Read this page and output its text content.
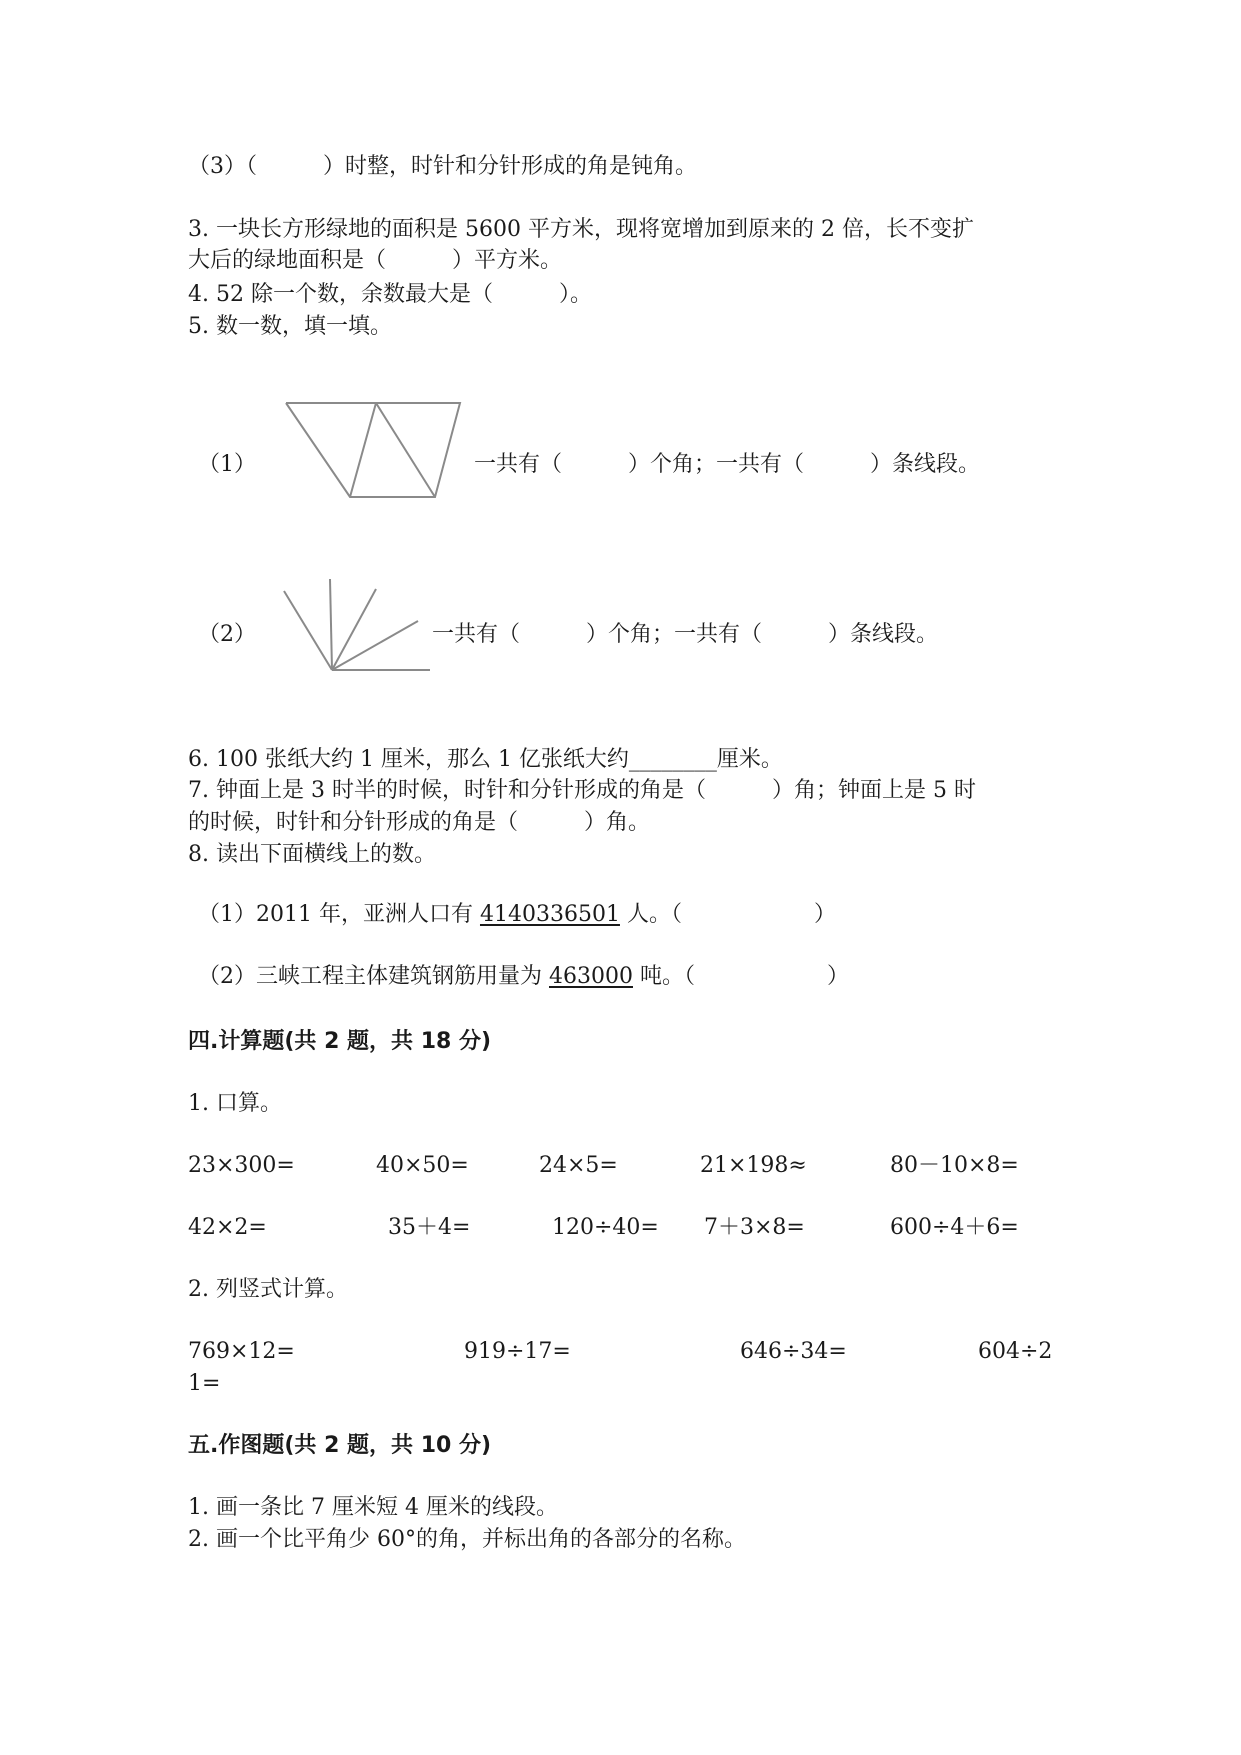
（3）（　　　）时整，时针和分针形成的角是钝角。
3. 一块长方形绿地的面积是 5600 平方米，现将宽增加到原来的 2 倍，长不变扩
大后的绿地面积是（　　　）平方米。
4. 52 除一个数，余数最大是（　　　）。
5. 数一数，填一填。
（1）	一共有（　　　）个角；一共有（　　　）条线段。
（2）	一共有（　　　）个角；一共有（　　　）条线段。
6. 100 张纸大约 1 厘米，那么 1 亿张纸大约________厘米。
7. 钟面上是 3 时半的时候，时针和分针形成的角是（　　　）角；钟面上是 5 时
的时候，时针和分针形成的角是（　　　）角。
8. 读出下面横线上的数。
（1）2011 年，亚洲人口有 4140336501 人。（　　　　　　）
（2）三峡工程主体建筑钢筋用量为 463000 吨。（　　　　　　）
四.计算题(共 2 题，共 18 分)
1. 口算。
23×300=	40×50=	24×5=	21×198≈	80－10×8=
42×2=	35＋4=	120÷40= 7＋3×8=	600÷4＋6=
2. 列竖式计算。
769×12=	919÷17=	646÷34=	604÷2
1=
五.作图题(共 2 题，共 10 分)
1. 画一条比 7 厘米短 4 厘米的线段。
2. 画一个比平角少 60°的角，并标出角的各部分的名称。
